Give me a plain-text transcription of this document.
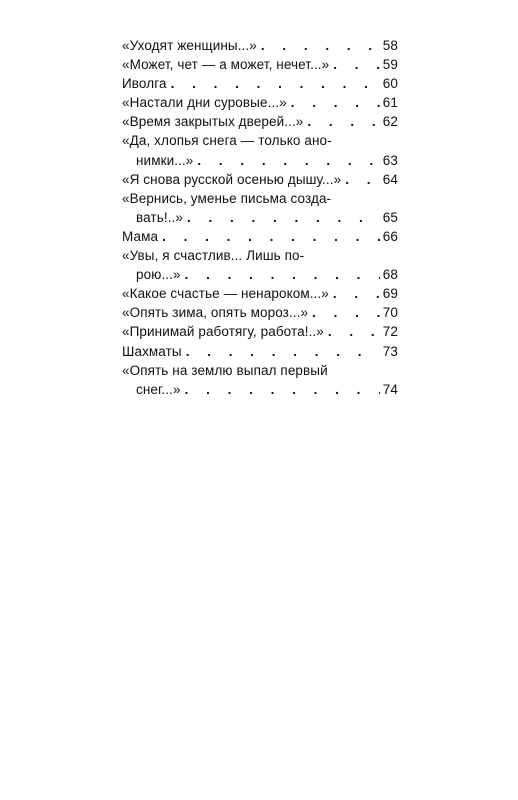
«Уходят женщины...» . . .	58
«Может, чет — а может, нечет...» . . .	59
Иволга . . .	60
«Настали дни суровые...» . . .	61
«Время закрытых дверей...» . . .	62
«Да, хлопья снега — только ано-
нимки...» . . .	63
«Я снова русской осенью дышу...» . . .	64
«Вернись, уменье письма созда-
вать!..» . . .	65
Мама . . .	66
«Увы, я счастлив... Лишь по-
рою...» . . .	68
«Какое счастье — ненароком...» . . .	69
«Опять зима, опять мороз...» . . .	70
«Принимай работягу, работа!..» . . .	72
Шахматы . . .	73
«Опять на землю выпал первый
снег...» . . .	74
